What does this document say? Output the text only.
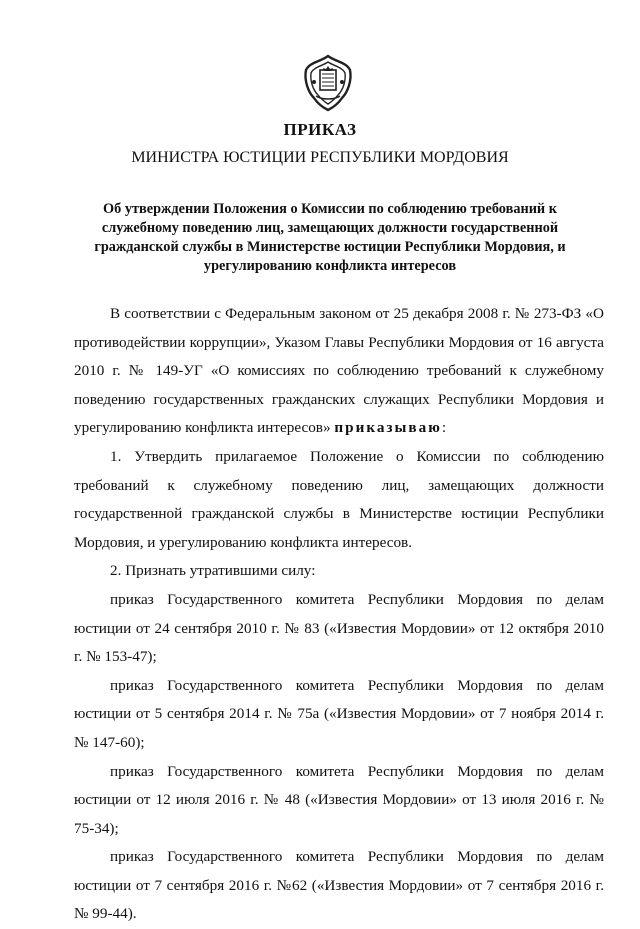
ПРИКАЗ
МИНИСТРА ЮСТИЦИИ РЕСПУБЛИКИ МОРДОВИЯ
Об утверждении Положения о Комиссии по соблюдению требований к
служебному поведению лиц, замещающих должности государственной
гражданской службы в Министерстве юстиции Республики Мордовия, и
урегулированию конфликта интересов

В соответствии с Федеральным законом от 25 декабря 2008 г. № 273-ФЗ «О противодействии коррупции», Указом Главы Республики Мордовия от 16 августа 2010 г. № 149-УГ «О комиссиях по соблюдению требований к служебному поведению государственных гражданских служащих Республики Мордовия и урегулированию конфликта интересов» приказываю:

1. Утвердить прилагаемое Положение о Комиссии по соблюдению требований к служебному поведению лиц, замещающих должности государственной гражданской службы в Министерстве юстиции Республики Мордовия, и урегулированию конфликта интересов.

2. Признать утратившими силу:

приказ Государственного комитета Республики Мордовия по делам юстиции от 24 сентября 2010 г. № 83 («Известия Мордовии» от 12 октября 2010 г. № 153-47);

приказ Государственного комитета Республики Мордовия по делам юстиции от 5 сентября 2014 г. № 75а («Известия Мордовии» от 7 ноября 2014 г. № 147-60);

приказ Государственного комитета Республики Мордовия по делам юстиции от 12 июля 2016 г. № 48 («Известия Мордовии» от 13 июля 2016 г. № 75-34);

приказ Государственного комитета Республики Мордовия по делам юстиции от 7 сентября 2016 г. №62 («Известия Мордовии» от 7 сентября 2016 г. № 99-44).
